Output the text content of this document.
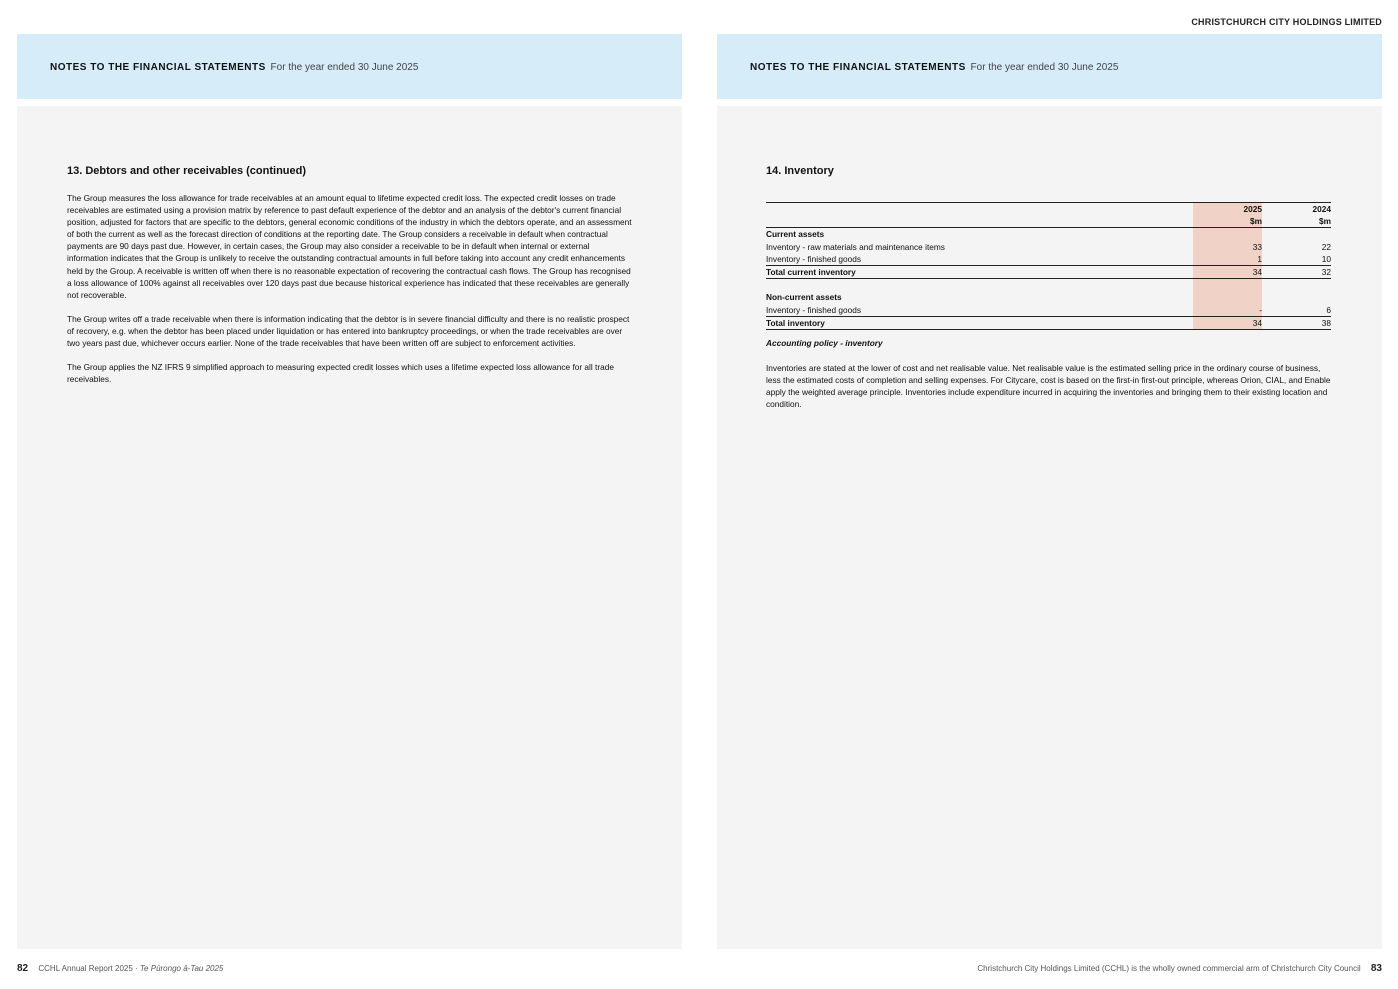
CHRISTCHURCH CITY HOLDINGS LIMITED
NOTES TO THE FINANCIAL STATEMENTS For the year ended 30 June 2025
13. Debtors and other receivables (continued)

The Group measures the loss allowance for trade receivables at an amount equal to lifetime expected credit loss. The expected credit losses on trade receivables are estimated using a provision matrix by reference to past default experience of the debtor and an analysis of the debtor's current financial position, adjusted for factors that are specific to the debtors, general economic conditions of the industry in which the debtors operate, and an assessment of both the current as well as the forecast direction of conditions at the reporting date. The Group considers a receivable in default when contractual payments are 90 days past due. However, in certain cases, the Group may also consider a receivable to be in default when internal or external information indicates that the Group is unlikely to receive the outstanding contractual amounts in full before taking into account any credit enhancements held by the Group. A receivable is written off when there is no reasonable expectation of recovering the contractual cash flows. The Group has recognised a loss allowance of 100% against all receivables over 120 days past due because historical experience has indicated that these receivables are generally not recoverable.

The Group writes off a trade receivable when there is information indicating that the debtor is in severe financial difficulty and there is no realistic prospect of recovery, e.g. when the debtor has been placed under liquidation or has entered into bankruptcy proceedings, or when the trade receivables are over two years past due, whichever occurs earlier. None of the trade receivables that have been written off are subject to enforcement activities.

The Group applies the NZ IFRS 9 simplified approach to measuring expected credit losses which uses a lifetime expected loss allowance for all trade receivables.

NOTES TO THE FINANCIAL STATEMENTS For the year ended 30 June 2025
14. Inventory
	2025	2024
	$m	$m
Current assets		
Inventory - raw materials and maintenance items	33	22
Inventory - finished goods	1	10
Total current inventory	34	32

Non-current assets		
Inventory - finished goods	-	6
Total inventory	34	38
Accounting policy - inventory
Inventories are stated at the lower of cost and net realisable value. Net realisable value is the estimated selling price in the ordinary course of business, less the estimated costs of completion and selling expenses. For Citycare, cost is based on the first-in first-out principle, whereas Orion, CIAL, and Enable apply the weighted average principle. Inventories include expenditure incurred in acquiring the inventories and bringing them to their existing location and condition.
82 CCHL Annual Report 2025 · Te Pūrongo ā-Tau 2025	Christchurch City Holdings Limited (CCHL) is the wholly owned commercial arm of Christchurch City Council 83
